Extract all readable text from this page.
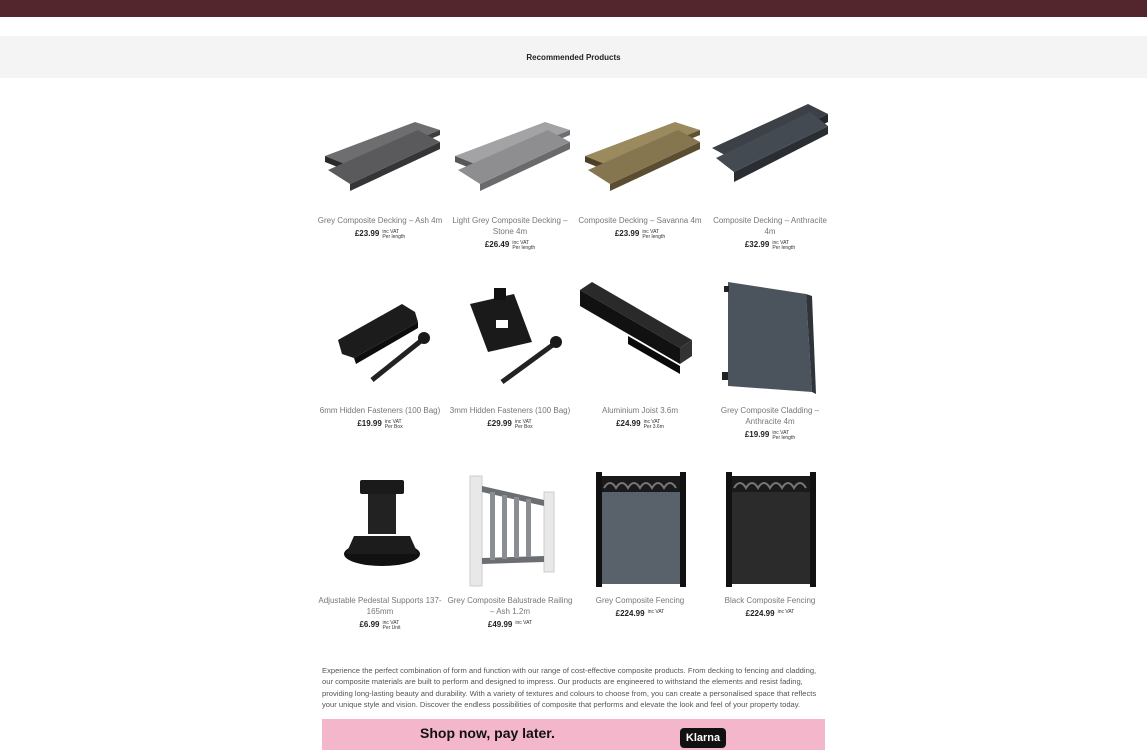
Recommended Products
Grey Composite Decking – Ash 4m
£23.99 inc VAT
Per length
Light Grey Composite Decking – Stone 4m
£26.49 inc VAT
Per length
Composite Decking – Savanna 4m
£23.99 inc VAT
Per length
Composite Decking – Anthracite 4m
£32.99 inc VAT
Per length
6mm Hidden Fasteners (100 Bag)
£19.99 inc VAT
Per Box
3mm Hidden Fasteners (100 Bag)
£29.99 inc VAT
Per Box
Aluminium Joist 3.6m
£24.99 inc VAT
Per 3.6m
Grey Composite Cladding – Anthracite 4m
£19.99 inc VAT
Per length
Adjustable Pedestal Supports 137-165mm
£6.99 inc VAT
Per Unit
Grey Composite Balustrade Railing – Ash 1.2m
£49.99 inc VAT
Grey Composite Fencing
£224.99 inc VAT
Black Composite Fencing
£224.99 inc VAT

Experience the perfect combination of form and function with our range of cost-effective composite products. From decking to fencing and cladding, our composite materials are built to perform and designed to impress. Our products are engineered to withstand the elements and resist fading, providing long-lasting beauty and durability. With a variety of textures and colours to choose from, you can create a personalised space that reflects your unique style and vision. Discover the endless possibilities of composite that performs and elevate the look and feel of your property today.

Shop now, pay later.	Klarna
